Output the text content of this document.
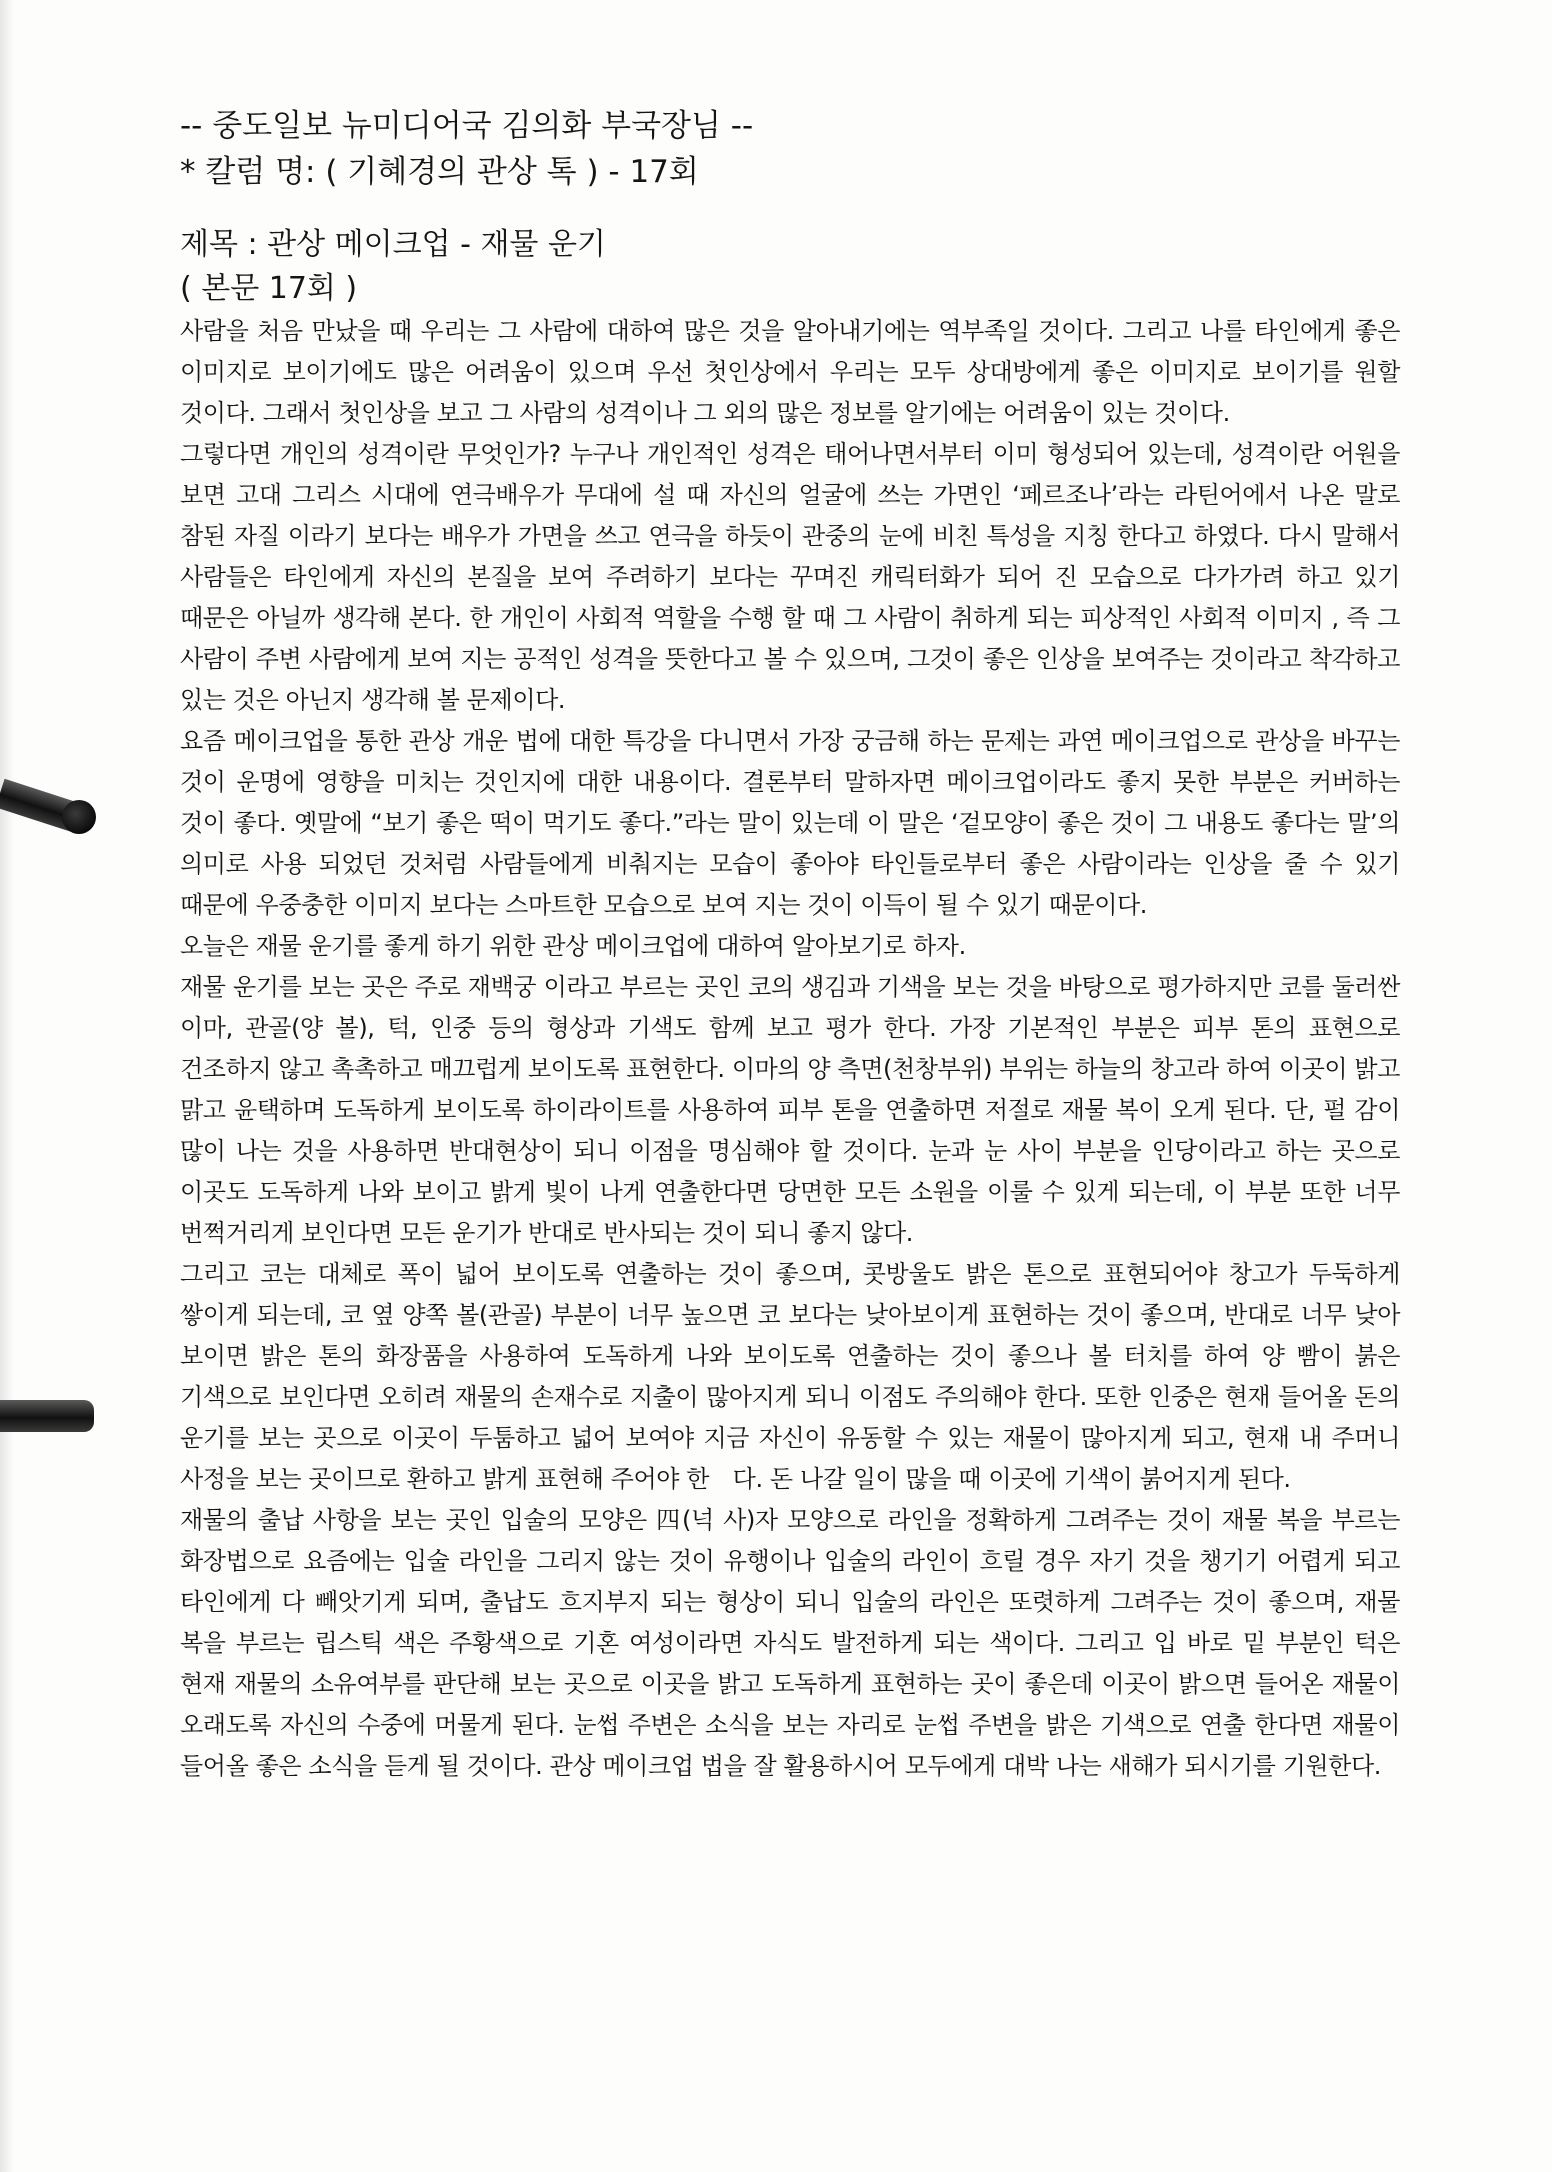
-- 중도일보 뉴미디어국 김의화 부국장님 --

* 칼럼 명: ( 기혜경의 관상 톡 ) - 17회

제목 : 관상 메이크업 - 재물 운기

( 본문 17회 )

사람을 처음 만났을 때 우리는 그 사람에 대하여 많은 것을 알아내기에는 역부족일 것이다. 그리고 나를 타인에게 좋은 이미지로 보이기에도 많은 어려움이 있으며 우선 첫인상에서 우리는 모두 상대방에게 좋은 이미지로 보이기를 원할 것이다. 그래서 첫인상을 보고 그 사람의 성격이나 그 외의 많은 정보를 알기에는 어려움이 있는 것이다.

그렇다면 개인의 성격이란 무엇인가? 누구나 개인적인 성격은 태어나면서부터 이미 형성되어 있는데, 성격이란 어원을 보면 고대 그리스 시대에 연극배우가 무대에 설 때 자신의 얼굴에 쓰는 가면인 ‘페르조나’라는 라틴어에서 나온 말로 참된 자질 이라기 보다는 배우가 가면을 쓰고 연극을 하듯이 관중의 눈에 비친 특성을 지칭 한다고 하였다. 다시 말해서 사람들은 타인에게 자신의 본질을 보여 주려하기 보다는 꾸며진 캐릭터화가 되어 진 모습으로 다가가려 하고 있기 때문은 아닐까 생각해 본다. 한 개인이 사회적 역할을 수행 할 때 그 사람이 취하게 되는 피상적인 사회적 이미지 , 즉 그 사람이 주변 사람에게 보여 지는 공적인 성격을 뜻한다고 볼 수 있으며, 그것이 좋은 인상을 보여주는 것이라고 착각하고 있는 것은 아닌지 생각해 볼 문제이다.

요즘 메이크업을 통한 관상 개운 법에 대한 특강을 다니면서 가장 궁금해 하는 문제는 과연 메이크업으로 관상을 바꾸는 것이 운명에 영향을 미치는 것인지에 대한 내용이다. 결론부터 말하자면 메이크업이라도 좋지 못한 부분은 커버하는 것이 좋다. 옛말에 “보기 좋은 떡이 먹기도 좋다.”라는 말이 있는데 이 말은 ‘겉모양이 좋은 것이 그 내용도 좋다는 말’의 의미로 사용 되었던 것처럼 사람들에게 비춰지는 모습이 좋아야 타인들로부터 좋은 사람이라는 인상을 줄 수 있기 때문에 우중충한 이미지 보다는 스마트한 모습으로 보여 지는 것이 이득이 될 수 있기 때문이다.

오늘은 재물 운기를 좋게 하기 위한 관상 메이크업에 대하여 알아보기로 하자.

재물 운기를 보는 곳은 주로 재백궁 이라고 부르는 곳인 코의 생김과 기색을 보는 것을 바탕으로 평가하지만 코를 둘러싼 이마, 관골(양 볼), 턱, 인중 등의 형상과 기색도 함께 보고 평가 한다. 가장 기본적인 부분은 피부 톤의 표현으로 건조하지 않고 촉촉하고 매끄럽게 보이도록 표현한다. 이마의 양 측면(천창부위) 부위는 하늘의 창고라 하여 이곳이 밝고 맑고 윤택하며 도독하게 보이도록 하이라이트를 사용하여 피부 톤을 연출하면 저절로 재물 복이 오게 된다. 단, 펄 감이 많이 나는 것을 사용하면 반대현상이 되니 이점을 명심해야 할 것이다. 눈과 눈 사이 부분을 인당이라고 하는 곳으로 이곳도 도독하게 나와 보이고 밝게 빛이 나게 연출한다면 당면한 모든 소원을 이룰 수 있게 되는데, 이 부분 또한 너무 번쩍거리게 보인다면 모든 운기가 반대로 반사되는 것이 되니 좋지 않다.

그리고 코는 대체로 폭이 넓어 보이도록 연출하는 것이 좋으며, 콧방울도 밝은 톤으로 표현되어야 창고가 두둑하게 쌓이게 되는데, 코 옆 양쪽 볼(관골) 부분이 너무 높으면 코 보다는 낮아보이게 표현하는 것이 좋으며, 반대로 너무 낮아 보이면 밝은 톤의 화장품을 사용하여 도독하게 나와 보이도록 연출하는 것이 좋으나 볼 터치를 하여 양 빰이 붉은 기색으로 보인다면 오히려 재물의 손재수로 지출이 많아지게 되니 이점도 주의해야 한다. 또한 인중은 현재 들어올 돈의 운기를 보는 곳으로 이곳이 두툼하고 넓어 보여야 지금 자신이 유동할 수 있는 재물이 많아지게 되고, 현재 내 주머니 사정을 보는 곳이므로 환하고 밝게 표현해 주어야 한　다. 돈 나갈 일이 많을 때 이곳에 기색이 붉어지게 된다.

재물의 출납 사항을 보는 곳인 입술의 모양은 四(넉 사)자 모양으로 라인을 정확하게 그려주는 것이 재물 복을 부르는 화장법으로 요즘에는 입술 라인을 그리지 않는 것이 유행이나 입술의 라인이 흐릴 경우 자기 것을 챙기기 어렵게 되고 타인에게 다 빼앗기게 되며, 출납도 흐지부지 되는 형상이 되니 입술의 라인은 또렷하게 그려주는 것이 좋으며, 재물 복을 부르는 립스틱 색은 주황색으로 기혼 여성이라면 자식도 발전하게 되는 색이다. 그리고 입 바로 밑 부분인 턱은 현재 재물의 소유여부를 판단해 보는 곳으로 이곳을 밝고 도독하게 표현하는 곳이 좋은데 이곳이 밝으면 들어온 재물이 오래도록 자신의 수중에 머물게 된다. 눈썹 주변은 소식을 보는 자리로 눈썹 주변을 밝은 기색으로 연출 한다면 재물이 들어올 좋은 소식을 듣게 될 것이다. 관상 메이크업 법을 잘 활용하시어 모두에게 대박 나는 새해가 되시기를 기원한다.
